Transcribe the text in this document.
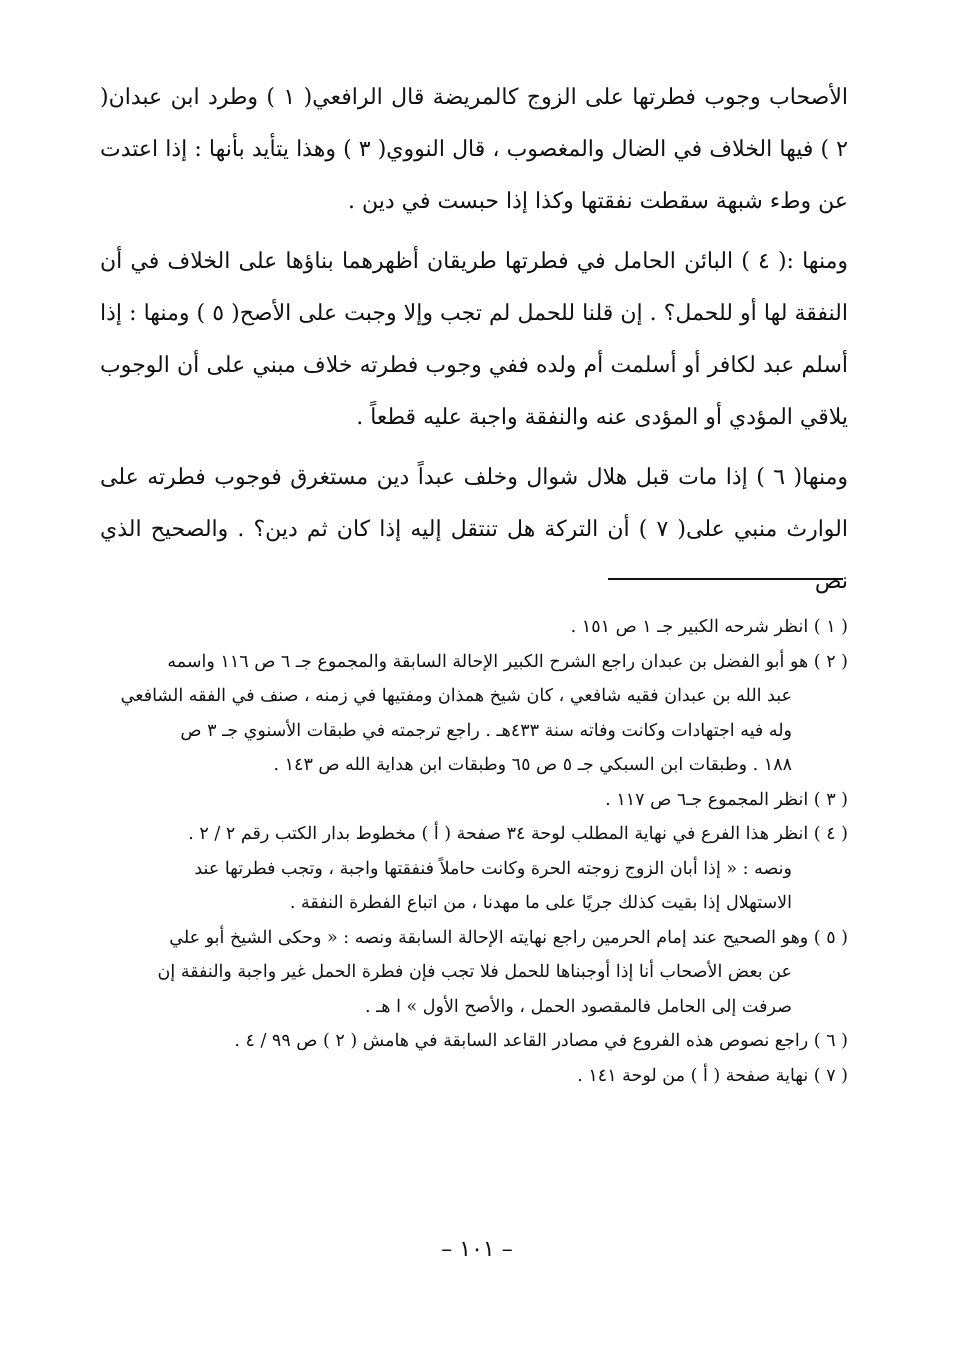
الأصحاب وجوب فطرتها على الزوج كالمريضة قال الرافعي( ١ ) وطرد ابن عبدان( ٢ ) فيها الخلاف في الضال والمغصوب ، قال النووي( ٣ ) وهذا يتأيد بأنها : إذا اعتدت عن وطء شبهة سقطت نفقتها وكذا إذا حبست في دين .

ومنها :( ٤ ) البائن الحامل في فطرتها طريقان أظهرهما بناؤها على الخلاف في أن النفقة لها أو للحمل؟ . إن قلنا للحمل لم تجب وإلا وجبت على الأصح( ٥ ) ومنها : إذا أسلم عبد لكافر أو أسلمت أم ولده ففي وجوب فطرته خلاف مبني على أن الوجوب يلاقي المؤدي أو المؤدى عنه والنفقة واجبة عليه قطعاً .

ومنها( ٦ ) إذا مات قبل هلال شوال وخلف عبداً دين مستغرق فوجوب فطرته على الوارث منبي على( ٧ ) أن التركة هل تنتقل إليه إذا كان ثم دين؟ . والصحيح الذي نص

( ١ ) انظر شرحه الكبير جـ ١ ص ١٥١ .

( ٢ ) هو أبو الفضل بن عبدان راجع الشرح الكبير الإحالة السابقة والمجموع جـ ٦ ص ١١٦ واسمه
عبد الله بن عبدان فقيه شافعي ، كان شيخ همذان ومفتيها في زمنه ، صنف في الفقه الشافعي
وله فيه اجتهادات وكانت وفاته سنة ٤٣٣هـ . راجع ترجمته في طبقات الأسنوي جـ ٣ ص
١٨٨ . وطبقات ابن السبكي جـ ٥ ص ٦٥ وطبقات ابن هداية الله ص ١٤٣ .

( ٣ ) انظر المجموع جـ٦ ص ١١٧ .

( ٤ ) انظر هذا الفرع في نهاية المطلب لوحة ٣٤ صفحة ( أ ) مخطوط بدار الكتب رقم ٢ / ٢ .
ونصه : « إذا أبان الزوج زوجته الحرة وكانت حاملاً فنفقتها واجبة ، وتجب فطرتها عند
الاستهلال إذا بقيت كذلك جريًا على ما مهدنا ، من اتباع الفطرة النفقة .
( ٥ ) وهو الصحيح عند إمام الحرمين راجع نهايته الإحالة السابقة ونصه : « وحكى الشيخ أبو علي
عن بعض الأصحاب أنا إذا أوجبناها للحمل فلا تجب فإن فطرة الحمل غير واجبة والنفقة إن
صرفت إلى الحامل فالمقصود الحمل ، والأصح الأول » ا هـ .

( ٦ ) راجع نصوص هذه الفروع في مصادر القاعد السابقة في هامش ( ٢ ) ص ٩٩ / ٤ .

( ٧ ) نهاية صفحة ( أ ) من لوحة ١٤١ .

– ١٠١ –
